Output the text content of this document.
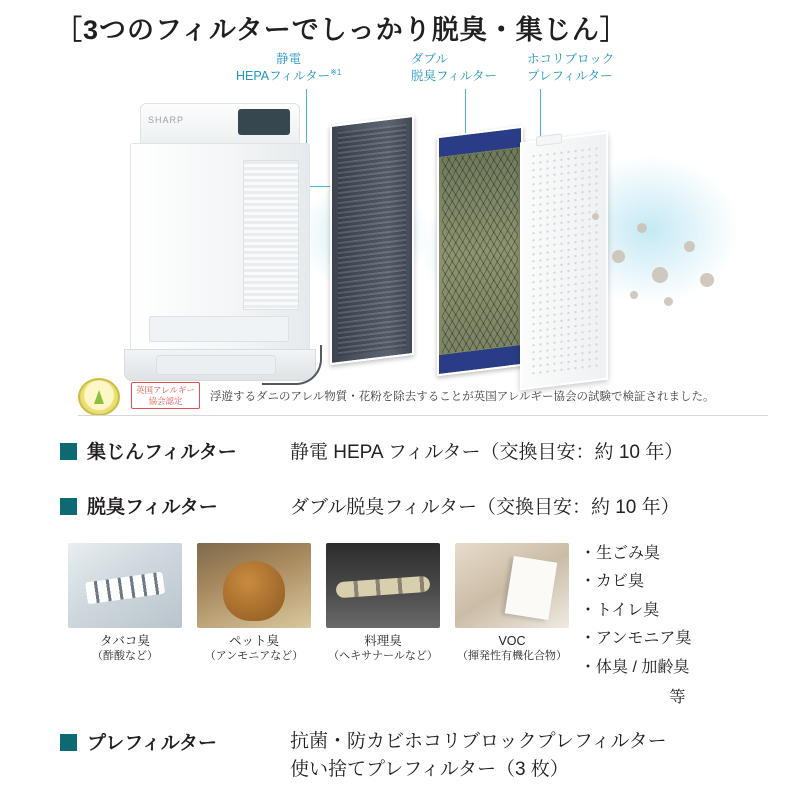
［3つのフィルターでしっかり脱臭・集じん］
静電
HEPAフィルター$^{※1}$
ダブル
脱臭フィルター
ホコリブロック
プレフィルター
SHARP
英国アレルギー
協会認定	浮遊するダニのアレル物質・花粉を除去することが英国アレルギー協会の試験で検証されました。
集じんフィルター	静電 HEPA フィルター（交換目安：約 10 年）
脱臭フィルター	ダブル脱臭フィルター（交換目安：約 10 年）
タバコ臭
（酢酸など）
ペット臭
（アンモニアなど）
料理臭
（ヘキサナールなど）
VOC
（揮発性有機化合物）
・生ごみ臭
・カビ臭
・トイレ臭
・アンモニア臭
・体臭 / 加齢臭
等
プレフィルター	抗菌・防カビホコリブロックプレフィルター
使い捨てプレフィルター（3 枚）
